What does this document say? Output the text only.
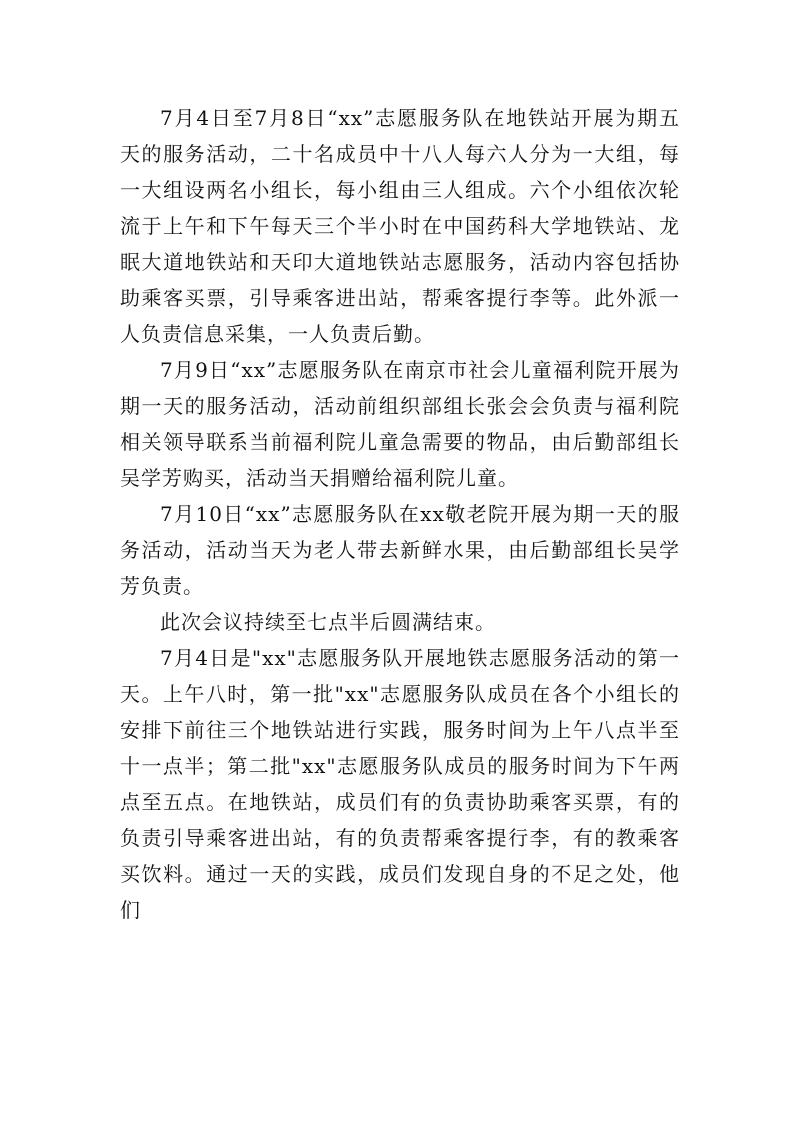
7月4日至7月8日“xx”志愿服务队在地铁站开展为期五天的服务活动，二十名成员中十八人每六人分为一大组，每一大组设两名小组长，每小组由三人组成。六个小组依次轮流于上午和下午每天三个半小时在中国药科大学地铁站、龙眠大道地铁站和天印大道地铁站志愿服务，活动内容包括协助乘客买票，引导乘客进出站，帮乘客提行李等。此外派一人负责信息采集，一人负责后勤。

7月9日“xx”志愿服务队在南京市社会儿童福利院开展为期一天的服务活动，活动前组织部组长张会会负责与福利院相关领导联系当前福利院儿童急需要的物品，由后勤部组长吴学芳购买，活动当天捐赠给福利院儿童。

7月10日“xx”志愿服务队在xx敬老院开展为期一天的服务活动，活动当天为老人带去新鲜水果，由后勤部组长吴学芳负责。

此次会议持续至七点半后圆满结束。

7月4日是"xx"志愿服务队开展地铁志愿服务活动的第一天。上午八时，第一批"xx"志愿服务队成员在各个小组长的安排下前往三个地铁站进行实践，服务时间为上午八点半至十一点半；第二批"xx"志愿服务队成员的服务时间为下午两点至五点。在地铁站，成员们有的负责协助乘客买票，有的负责引导乘客进出站，有的负责帮乘客提行李，有的教乘客买饮料。通过一天的实践，成员们发现自身的不足之处，他们
